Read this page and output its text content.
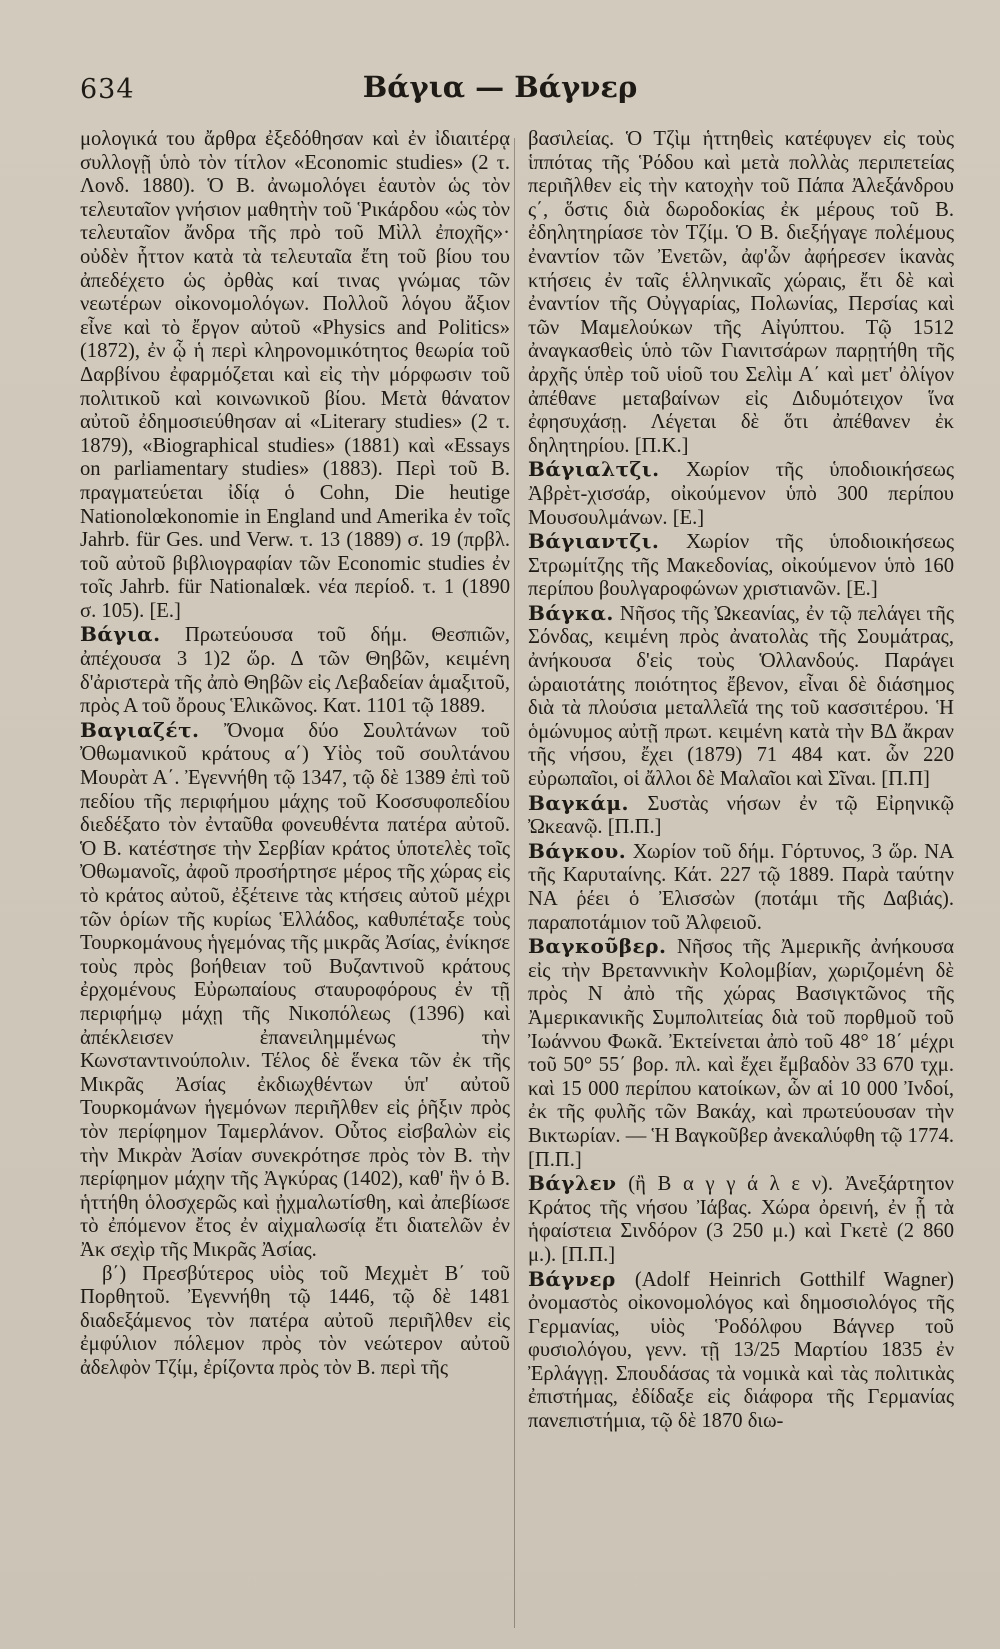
634	Βάγια — Βάγνερ

μολογικά του ἄρθρα ἐξεδόθησαν καὶ ἐν ἰδιαιτέρᾳ συλλογῇ ὑπὸ τὸν τίτλον «Economic studies» (2 τ. Λονδ. 1880). Ὁ Β. ἀνωμολόγει ἑαυτὸν ὡς τὸν τελευταῖον γνήσιον μαθητὴν τοῦ Ῥικάρδου «ὡς τὸν τελευταῖον ἄνδρα τῆς πρὸ τοῦ Μὶλλ ἐποχῆς»· οὐδὲν ἧττον κατὰ τὰ τελευταῖα ἔτη τοῦ βίου του ἀπεδέχετο ὡς ὀρθὰς καί τινας γνώμας τῶν νεωτέρων οἰκονομολόγων. Πολλοῦ λόγου ἄξιον εἶνε καὶ τὸ ἔργον αὐτοῦ «Physics and Politics» (1872), ἐν ᾧ ἡ περὶ κληρονομικότητος θεωρία τοῦ Δαρβίνου ἐφαρμόζεται καὶ εἰς τὴν μόρφωσιν τοῦ πολιτικοῦ καὶ κοινωνικοῦ βίου. Μετὰ θάνατον αὐτοῦ ἐδημοσιεύθησαν αἱ «Literary studies» (2 τ. 1879), «Biographical studies» (1881) καὶ «Essays on parliamentary studies» (1883). Περὶ τοῦ Β. πραγματεύεται ἰδίᾳ ὁ Cohn, Die heutige Nationolœkonomie in England und Amerika ἐν τοῖς Jahrb. für Ges. und Verw. τ. 13 (1889) σ. 19 (πρβλ. τοῦ αὐτοῦ βιβλιογραφίαν τῶν Economic studies ἐν τοῖς Jahrb. für Nationalœk. νέα περίοδ. τ. 1 (1890 σ. 105). [Ε.]

Βάγια. Πρωτεύουσα τοῦ δήμ. Θεσπιῶν, ἀπέχουσα 3 1)2 ὥρ. Δ τῶν Θηβῶν, κειμένη δ'ἀριστερὰ τῆς ἀπὸ Θηβῶν εἰς Λεβαδείαν ἁμαξιτοῦ, πρὸς Α τοῦ ὄρους Ἑλικῶνος. Κατ. 1101 τῷ 1889.

Βαγιαζέτ. Ὄνομα δύο Σουλτάνων τοῦ Ὀθωμανικοῦ κράτους α΄) Υἱὸς τοῦ σουλτάνου Μουρὰτ Α΄. Ἐγεννήθη τῷ 1347, τῷ δὲ 1389 ἐπὶ τοῦ πεδίου τῆς περιφήμου μάχης τοῦ Κοσσυφοπεδίου διεδέξατο τὸν ἐνταῦθα φονευθέντα πατέρα αὐτοῦ. Ὁ Β. κατέστησε τὴν Σερβίαν κράτος ὑποτελὲς τοῖς Ὀθωμανοῖς, ἀφοῦ προσήρτησε μέρος τῆς χώρας εἰς τὸ κράτος αὐτοῦ, ἐξέτεινε τὰς κτήσεις αὐτοῦ μέχρι τῶν ὁρίων τῆς κυρίως Ἑλλάδος, καθυπέταξε τοὺς Τουρκομάνους ἡγεμόνας τῆς μικρᾶς Ἀσίας, ἐνίκησε τοὺς πρὸς βοήθειαν τοῦ Βυζαντινοῦ κράτους ἐρχομένους Εὐρωπαίους σταυροφόρους ἐν τῇ περιφήμῳ μάχῃ τῆς Νικοπόλεως (1396) καὶ ἀπέκλεισεν ἐπανειλημμένως τὴν Κωνσταντινούπολιν. Τέλος δὲ ἕνεκα τῶν ἐκ τῆς Μικρᾶς Ἀσίας ἐκδιωχθέντων ὑπ' αὐτοῦ Τουρκομάνων ἡγεμόνων περιῆλθεν εἰς ῥῆξιν πρὸς τὸν περίφημον Ταμερλάνον. Οὗτος εἰσβαλὼν εἰς τὴν Μικρὰν Ἀσίαν συνεκρότησε πρὸς τὸν Β. τὴν περίφημον μάχην τῆς Ἀγκύρας (1402), καθ' ἣν ὁ Β. ἡττήθη ὁλοσχερῶς καὶ ᾐχμαλωτίσθη, καὶ ἀπεβίωσε τὸ ἐπόμενον ἔτος ἐν αἰχμαλωσίᾳ ἔτι διατελῶν ἐν Ἀκ σεχὶρ τῆς Μικρᾶς Ἀσίας.

β΄) Πρεσβύτερος υἱὸς τοῦ Μεχμὲτ Β΄ τοῦ Πορθητοῦ. Ἐγεννήθη τῷ 1446, τῷ δὲ 1481 διαδεξάμενος τὸν πατέρα αὐτοῦ περιῆλθεν εἰς ἐμφύλιον πόλεμον πρὸς τὸν νεώτερον αὐτοῦ ἀδελφὸν Τζίμ, ἐρίζοντα πρὸς τὸν Β. περὶ τῆς

βασιλείας. Ὁ Τζὶμ ἡττηθεὶς κατέφυγεν εἰς τοὺς ἱππότας τῆς Ῥόδου καὶ μετὰ πολλὰς περιπετείας περιῆλθεν εἰς τὴν κατοχὴν τοῦ Πάπα Ἀλεξάνδρου ς΄, ὅστις διὰ δωροδοκίας ἐκ μέρους τοῦ Β. ἐδηλητηρίασε τὸν Τζίμ. Ὁ Β. διεξήγαγε πολέμους ἐναντίον τῶν Ἐνετῶν, ἀφ'ὧν ἀφήρεσεν ἱκανὰς κτήσεις ἐν ταῖς ἑλληνικαῖς χώραις, ἔτι δὲ καὶ ἐναντίον τῆς Οὐγγαρίας, Πολωνίας, Περσίας καὶ τῶν Μαμελούκων τῆς Αἰγύπτου. Τῷ 1512 ἀναγκασθεὶς ὑπὸ τῶν Γιανιτσάρων παρῃτήθη τῆς ἀρχῆς ὑπὲρ τοῦ υἱοῦ του Σελὶμ Α΄ καὶ μετ' ὀλίγον ἀπέθανε μεταβαίνων εἰς Διδυμότειχον ἵνα ἐφησυχάσῃ. Λέγεται δὲ ὅτι ἀπέθανεν ἐκ δηλητηρίου. [Π.Κ.]

Βάγιαλτζι. Χωρίον τῆς ὑποδιοικήσεως Ἀβρὲτ-χισσάρ, οἰκούμενον ὑπὸ 300 περίπου Μουσουλμάνων. [Ε.]

Βάγιαντζι. Χωρίον τῆς ὑποδιοικήσεως Στρωμίτζης τῆς Μακεδονίας, οἰκούμενον ὑπὸ 160 περίπου βουλγαροφώνων χριστιανῶν. [Ε.]

Βάγκα. Νῆσος τῆς Ὠκεανίας, ἐν τῷ πελάγει τῆς Σόνδας, κειμένη πρὸς ἀνατολὰς τῆς Σουμάτρας, ἀνήκουσα δ'εἰς τοὺς Ὁλλανδούς. Παράγει ὡραιοτάτης ποιότητος ἔβενον, εἶναι δὲ διάσημος διὰ τὰ πλούσια μεταλλεῖά της τοῦ κασσιτέρου. Ἡ ὁμώνυμος αὐτῇ πρωτ. κειμένη κατὰ τὴν ΒΔ ἄκραν τῆς νήσου, ἔχει (1879) 71 484 κατ. ὧν 220 εὐρωπαῖοι, οἱ ἄλλοι δὲ Μαλαῖοι καὶ Σῖναι. [Π.Π]

Βαγκάμ. Συστὰς νήσων ἐν τῷ Εἰρηνικῷ Ὠκεανῷ. [Π.Π.]

Βάγκου. Χωρίον τοῦ δήμ. Γόρτυνος, 3 ὥρ. ΝΑ τῆς Καρυταίνης. Κάτ. 227 τῷ 1889. Παρὰ ταύτην ΝΑ ῥέει ὁ Ἐλισσὼν (ποτάμι τῆς Δαβιάς). παραποτάμιον τοῦ Ἀλφειοῦ.

Βαγκοῦβερ. Νῆσος τῆς Ἀμερικῆς ἀνήκουσα εἰς τὴν Βρεταννικὴν Κολομβίαν, χωριζομένη δὲ πρὸς Ν ἀπὸ τῆς χώρας Βασιγκτῶνος τῆς Ἀμερικανικῆς Συμπολιτείας διὰ τοῦ πορθμοῦ τοῦ Ἰωάννου Φωκᾶ. Ἐκτείνεται ἀπὸ τοῦ 48° 18΄ μέχρι τοῦ 50° 55΄ βορ. πλ. καὶ ἔχει ἔμβαδὸν 33 670 τχμ. καὶ 15 000 περίπου κατοίκων, ὧν αἱ 10 000 Ἰνδοί, ἐκ τῆς φυλῆς τῶν Βακάχ, καὶ πρωτεύουσαν τὴν Βικτωρίαν. — Ἡ Βαγκοῦβερ ἀνεκαλύφθη τῷ 1774. [Π.Π.]

Βάγλεν (ἢ Β α γ γ ά λ ε ν). Ἀνεξάρτητον Κράτος τῆς νήσου Ἰάβας. Χώρα ὀρεινή, ἐν ᾗ τὰ ἡφαίστεια Σινδόρον (3 250 μ.) καὶ Γκετὲ (2 860 μ.). [Π.Π.]

Βάγνερ (Adolf Heinrich Gotthilf Wagner) ὀνομαστὸς οἰκονομολόγος καὶ δημοσιολόγος τῆς Γερμανίας, υἱὸς Ῥοδόλφου Βάγνερ τοῦ φυσιολόγου, γενν. τῇ 13/25 Μαρτίου 1835 ἐν Ἐρλάγγῃ. Σπουδάσας τὰ νομικὰ καὶ τὰς πολιτικὰς ἐπιστήμας, ἐδίδαξε εἰς διάφορα τῆς Γερμανίας πανεπιστήμια, τῷ δὲ 1870 διω-
